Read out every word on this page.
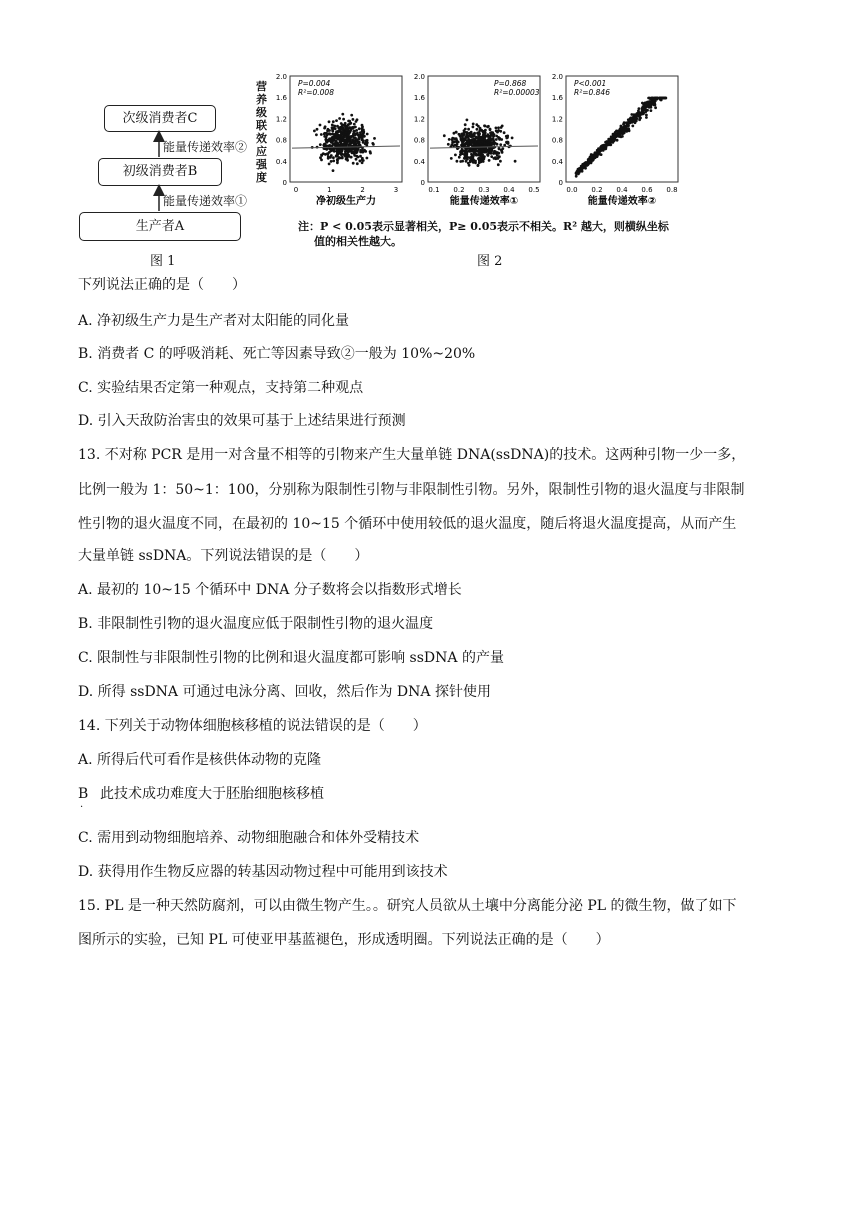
次级消费者C
初级消费者B
生产者A
能量传递效率②
能量传递效率①
图 1
营养级联效应强度
2.0
1.6
1.2
0.8
0.4
0
0	1	2	3
净初级生产力
P=0.004
R²=0.008
2.0
1.6
1.2
0.8
0.4
0
0.1 0.2 0.3 0.4 0.5
能量传递效率①
P=0.868
R²=0.00003
2.0
1.6
1.2
0.8
0.4
0
0.0 0.2 0.4 0.6 0.8
能量传递效率②
P<0.001
R²=0.846
注：P < 0.05表示显著相关，P≥ 0.05表示不相关。R² 越大，则横纵坐标
值的相关性越大。
图 2
下列说法正确的是（　　）
A. 净初级生产力是生产者对太阳能的同化量
B. 消费者 C 的呼吸消耗、死亡等因素导致②一般为 10%~20%
C. 实验结果否定第一种观点，支持第二种观点
D. 引入天敌防治害虫的效果可基于上述结果进行预测
13. 不对称 PCR 是用一对含量不相等的引物来产生大量单链 DNA(ssDNA)的技术。这两种引物一少一多，
比例一般为 1：50~1：100，分别称为限制性引物与非限制性引物。另外，限制性引物的退火温度与非限制
性引物的退火温度不同，在最初的 10~15 个循环中使用较低的退火温度，随后将退火温度提高，从而产生
大量单链 ssDNA。下列说法错误的是（　　）
A. 最初的 10~15 个循环中 DNA 分子数将会以指数形式增长
B. 非限制性引物的退火温度应低于限制性引物的退火温度
C. 限制性与非限制性引物的比例和退火温度都可影响 ssDNA 的产量
D. 所得 ssDNA 可通过电泳分离、回收，然后作为 DNA 探针使用
14. 下列关于动物体细胞核移植的说法错误的是（　　）
A. 所得后代可看作是核供体动物的克隆
B 此技术成功难度大于胚胎细胞核移植
.
C. 需用到动物细胞培养、动物细胞融合和体外受精技术
D. 获得用作生物反应器的转基因动物过程中可能用到该技术
15. PL 是一种天然防腐剂，可以由微生物产生。。研究人员欲从土壤中分离能分泌 PL 的微生物，做了如下
图所示的实验，已知 PL 可使亚甲基蓝褪色，形成透明圈。下列说法正确的是（　　）
